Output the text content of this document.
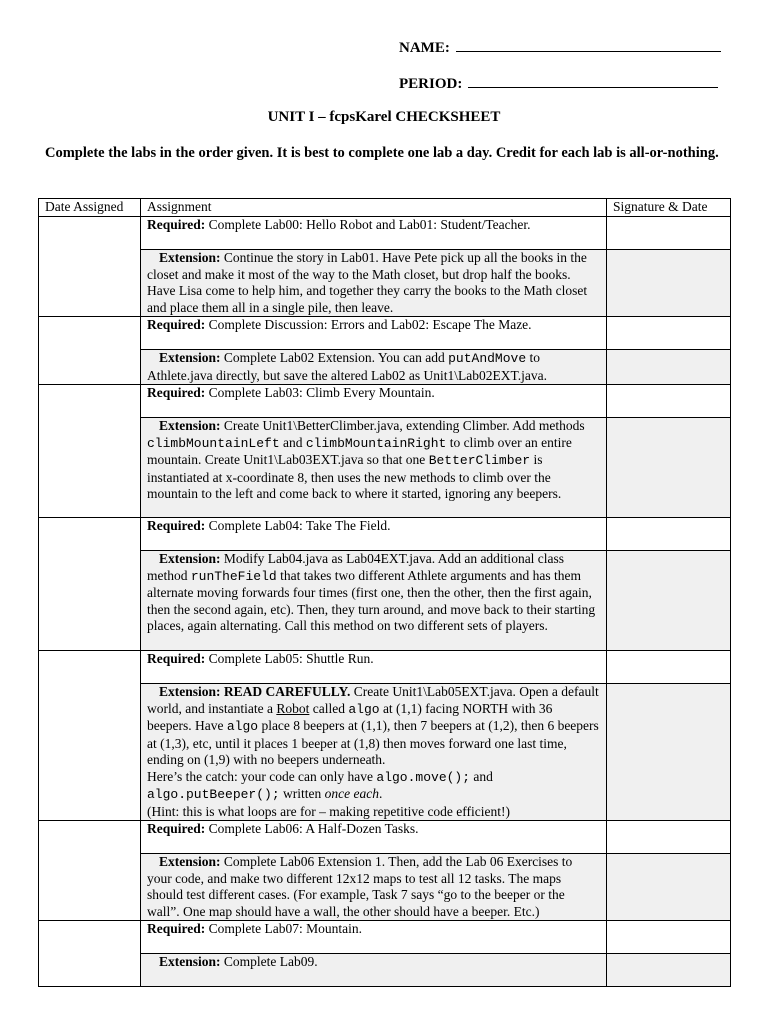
NAME:
PERIOD:
UNIT I – fcpsKarel CHECKSHEET
Complete the labs in the order given. It is best to complete one lab a day. Credit for each lab is all-or-nothing.
Date Assigned	Assignment	Signature & Date
	Required: Complete Lab00: Hello Robot and Lab01: Student/Teacher.	
	Extension: Continue the story in Lab01. Have Pete pick up all the books in the closet and make it most of the way to the Math closet, but drop half the books. Have Lisa come to help him, and together they carry the books to the Math closet and place them all in a single pile, then leave.	
	Required: Complete Discussion: Errors and Lab02: Escape The Maze.	
	Extension: Complete Lab02 Extension. You can add putAndMove to Athlete.java directly, but save the altered Lab02 as Unit1\Lab02EXT.java.	
	Required: Complete Lab03: Climb Every Mountain.	
	Extension: Create Unit1\BetterClimber.java, extending Climber. Add methods climbMountainLeft and climbMountainRight to climb over an entire mountain. Create Unit1\Lab03EXT.java so that one BetterClimber is instantiated at x-coordinate 8, then uses the new methods to climb over the mountain to the left and come back to where it started, ignoring any beepers.	
	Required: Complete Lab04: Take The Field.	
	Extension: Modify Lab04.java as Lab04EXT.java. Add an additional class method runTheField that takes two different Athlete arguments and has them alternate moving forwards four times (first one, then the other, then the first again, then the second again, etc). Then, they turn around, and move back to their starting places, again alternating. Call this method on two different sets of players.	
	Required: Complete Lab05: Shuttle Run.	
	Extension: READ CAREFULLY. Create Unit1\Lab05EXT.java. Open a default world, and instantiate a Robot called algo at (1,1) facing NORTH with 36 beepers. Have algo place 8 beepers at (1,1), then 7 beepers at (1,2), then 6 beepers at (1,3), etc, until it places 1 beeper at (1,8) then moves forward one last time, ending on (1,9) with no beepers underneath.
Here’s the catch: your code can only have algo.move(); and algo.putBeeper(); written once each.
(Hint: this is what loops are for – making repetitive code efficient!)	
	Required: Complete Lab06: A Half-Dozen Tasks.	
	Extension: Complete Lab06 Extension 1. Then, add the Lab 06 Exercises to your code, and make two different 12x12 maps to test all 12 tasks. The maps should test different cases. (For example, Task 7 says “go to the beeper or the wall”. One map should have a wall, the other should have a beeper. Etc.)	
	Required: Complete Lab07: Mountain.	
	Extension: Complete Lab09.	
